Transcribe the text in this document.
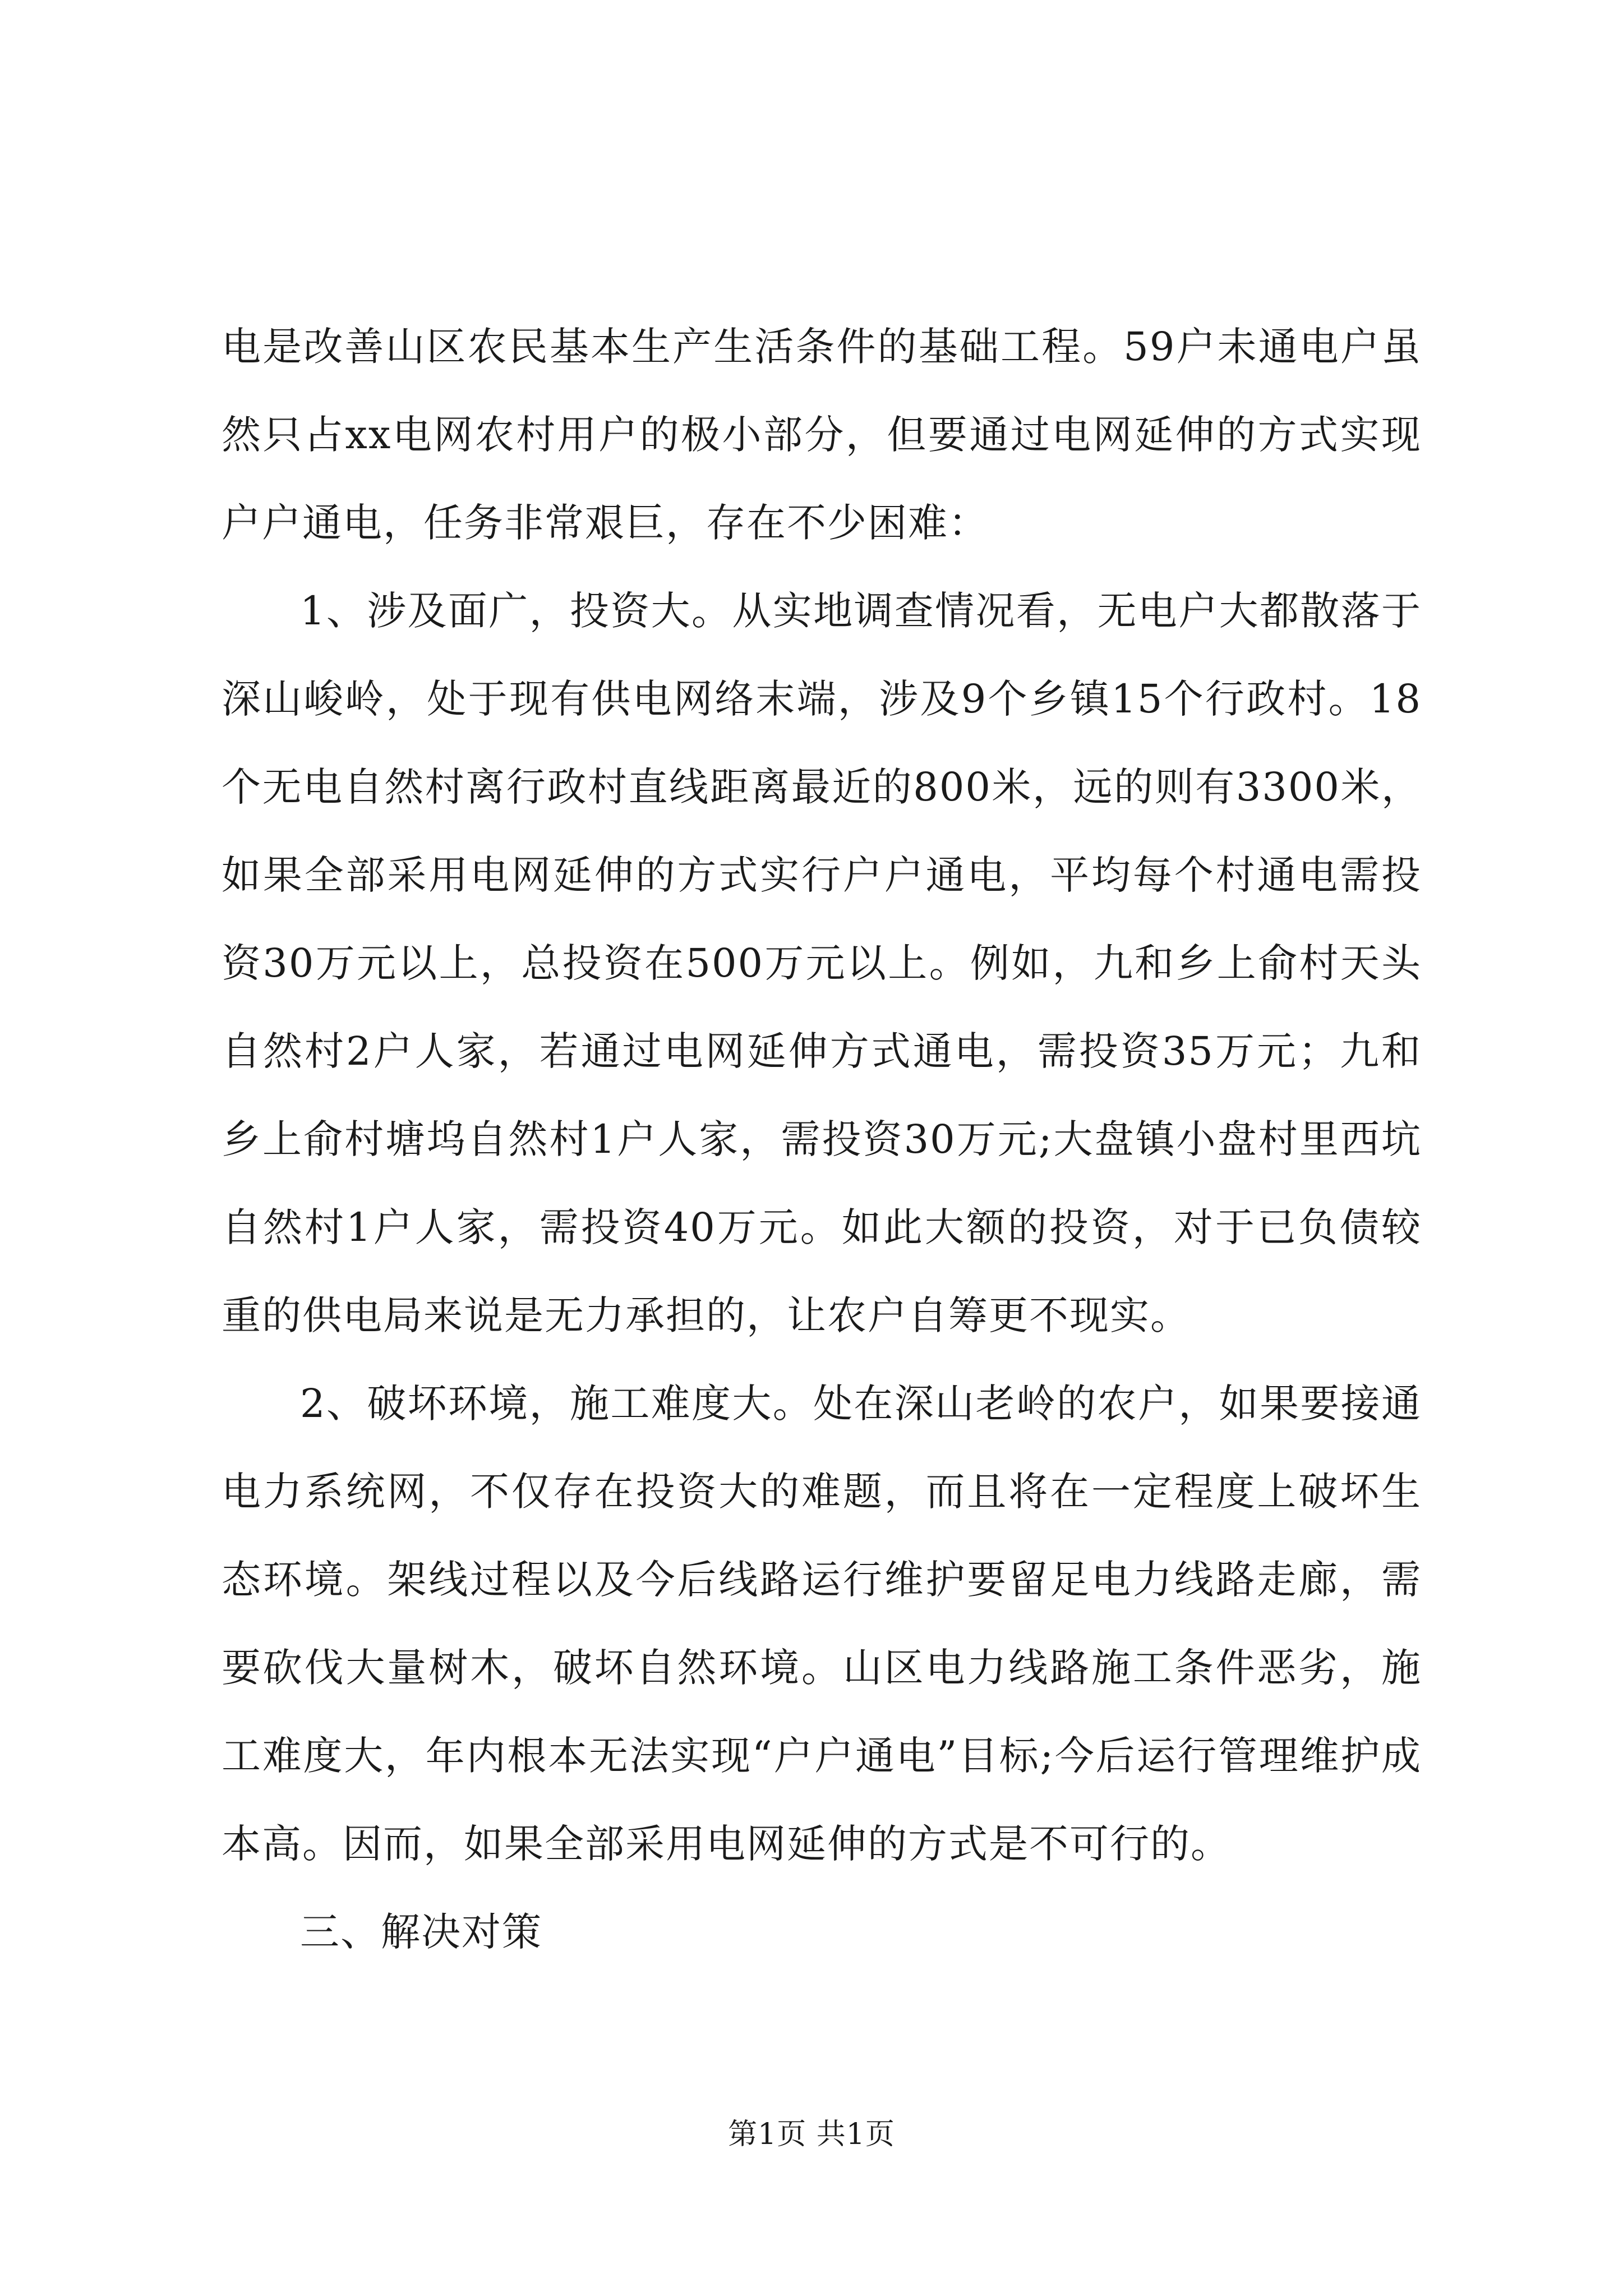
电是改善山区农民基本生产生活条件的基础工程。59户未通电户虽然只占xx电网农村用户的极小部分，但要通过电网延伸的方式实现户户通电，任务非常艰巨，存在不少困难：

1、涉及面广，投资大。从实地调查情况看，无电户大都散落于深山峻岭，处于现有供电网络末端，涉及9个乡镇15个行政村。18个无电自然村离行政村直线距离最近的800米，远的则有3300米，如果全部采用电网延伸的方式实行户户通电，平均每个村通电需投资30万元以上，总投资在500万元以上。例如，九和乡上俞村天头自然村2户人家，若通过电网延伸方式通电，需投资35万元；九和乡上俞村塘坞自然村1户人家，需投资30万元;大盘镇小盘村里西坑自然村1户人家，需投资40万元。如此大额的投资，对于已负债较重的供电局来说是无力承担的，让农户自筹更不现实。

2、破坏环境，施工难度大。处在深山老岭的农户，如果要接通电力系统网，不仅存在投资大的难题，而且将在一定程度上破坏生态环境。架线过程以及今后线路运行维护要留足电力线路走廊，需要砍伐大量树木，破坏自然环境。山区电力线路施工条件恶劣，施工难度大，年内根本无法实现“户户通电”目标;今后运行管理维护成本高。因而，如果全部采用电网延伸的方式是不可行的。

三、解决对策

第1页 共1页
